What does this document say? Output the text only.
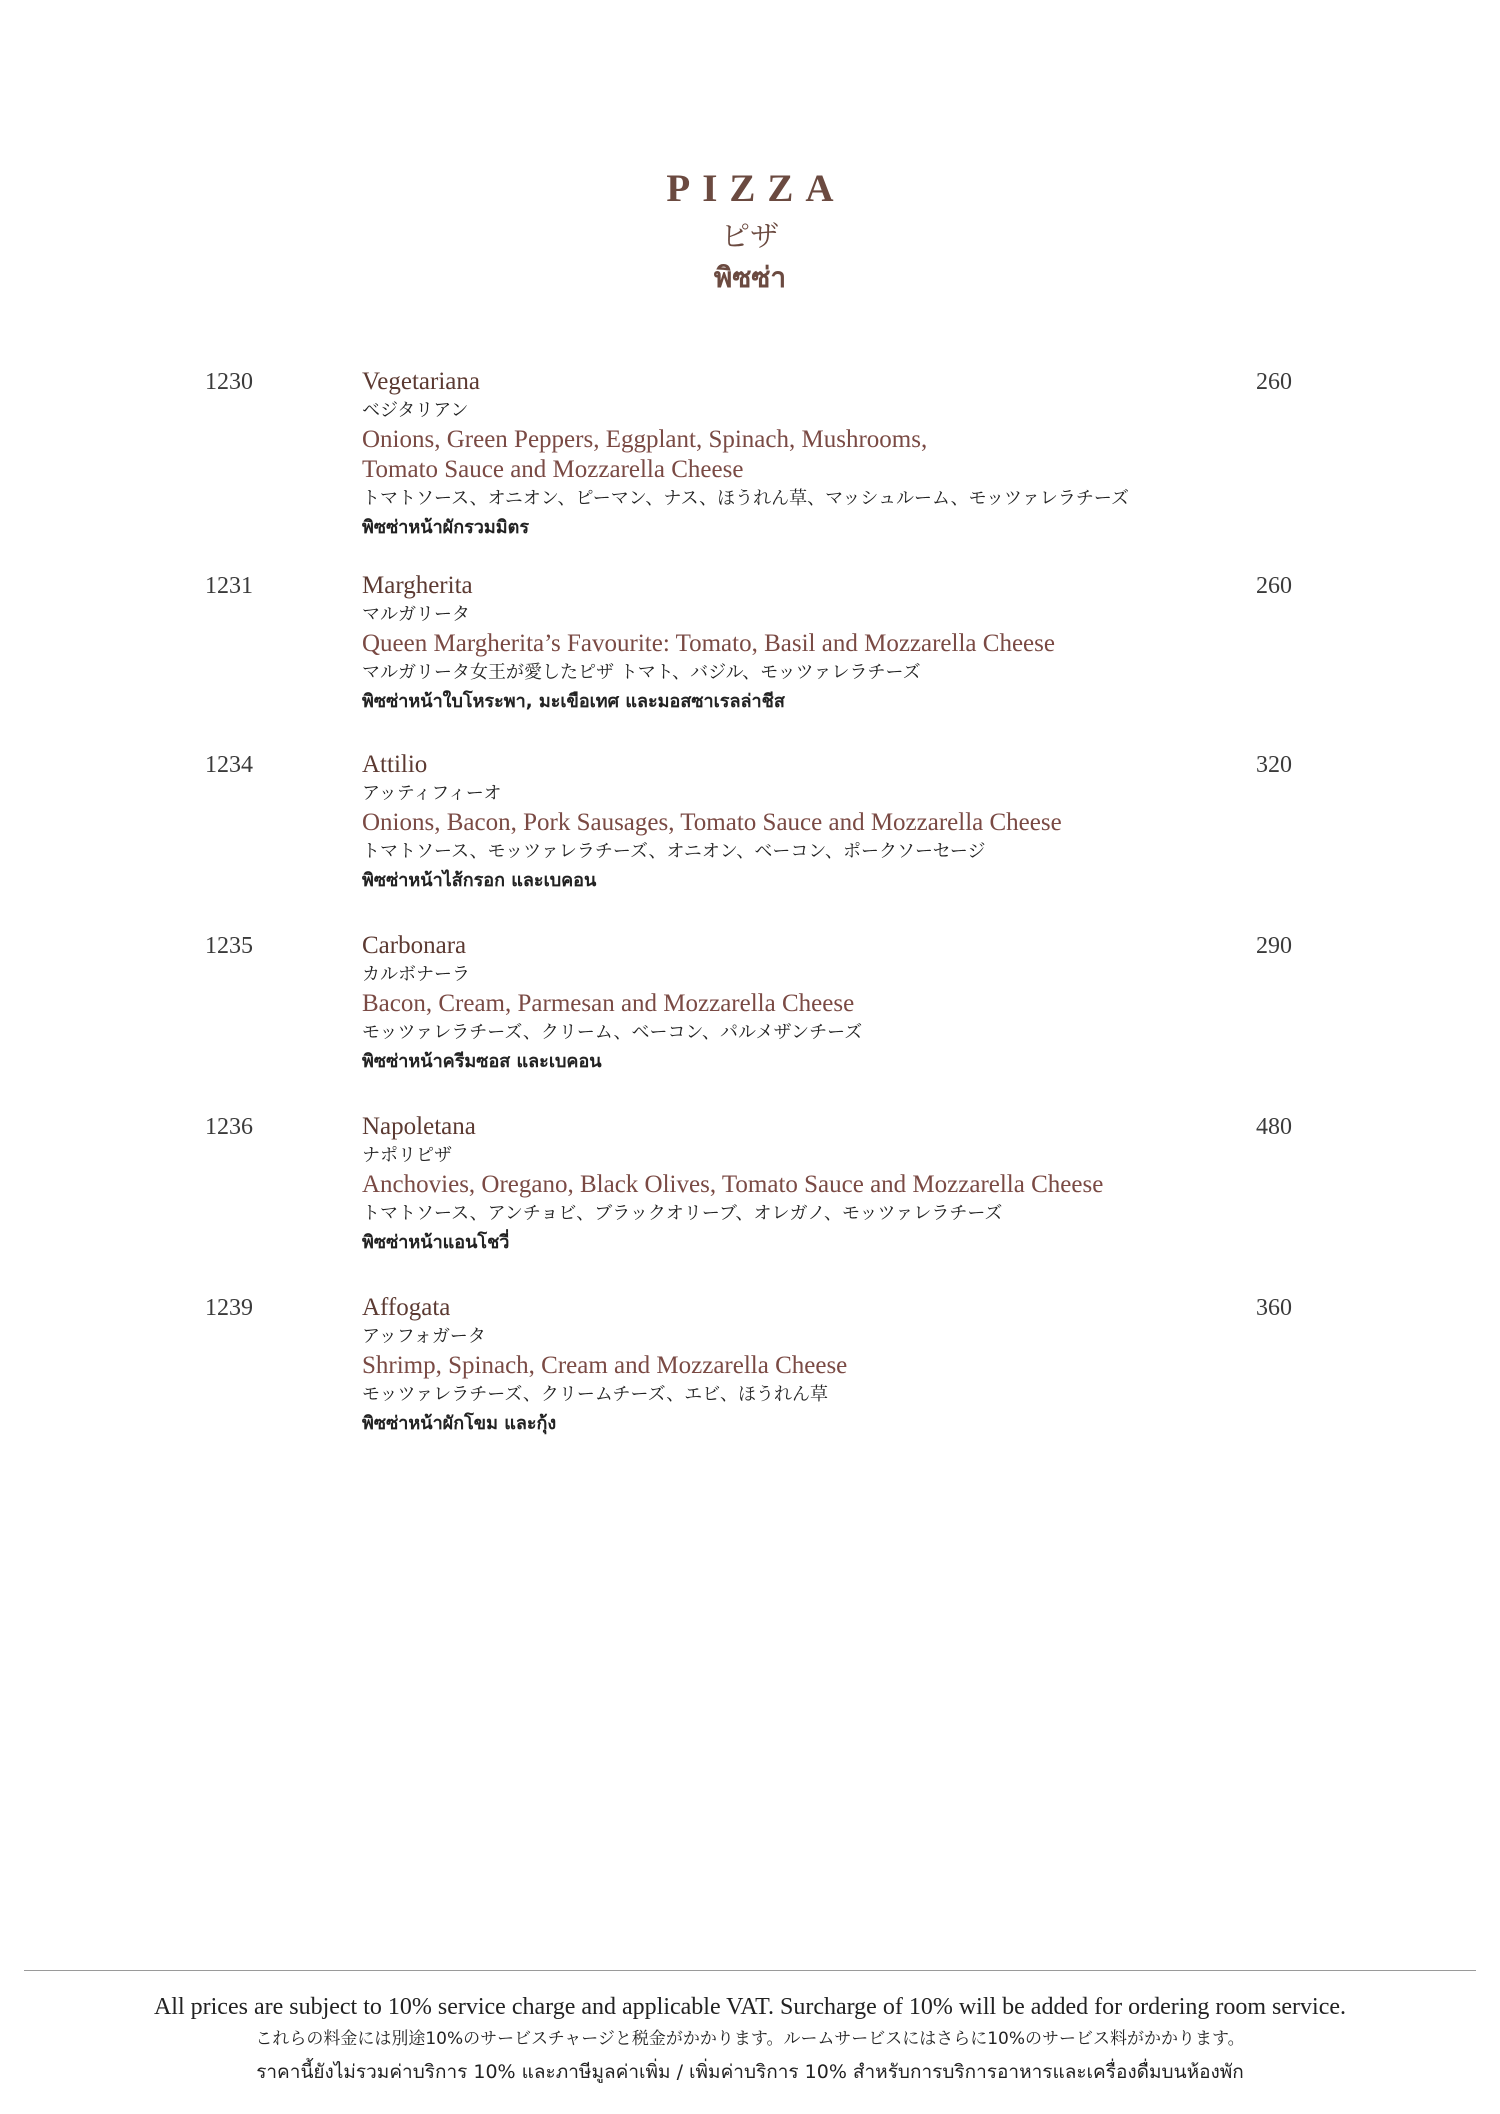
PIZZA
ピザ
พิซซ่า
1230	Vegetariana
ベジタリアン
Onions, Green Peppers, Eggplant, Spinach, Mushrooms,
Tomato Sauce and Mozzarella Cheese
トマトソース、オニオン、ピーマン、ナス、ほうれん草、マッシュルーム、モッツァレラチーズ
พิซซ่าหน้าผักรวมมิตร
260
1231	Margherita
マルガリータ
Queen Margherita’s Favourite: Tomato, Basil and Mozzarella Cheese
マルガリータ女王が愛したピザ トマト、バジル、モッツァレラチーズ
พิซซ่าหน้าใบโหระพา, มะเขือเทศ และมอสซาเรลล่าชีส
260
1234	Attilio
アッティフィーオ
Onions, Bacon, Pork Sausages, Tomato Sauce and Mozzarella Cheese
トマトソース、モッツァレラチーズ、オニオン、ベーコン、ポークソーセージ
พิซซ่าหน้าไส้กรอก และเบคอน
320
1235	Carbonara
カルボナーラ
Bacon, Cream, Parmesan and Mozzarella Cheese
モッツァレラチーズ、クリーム、ベーコン、パルメザンチーズ
พิซซ่าหน้าครีมซอส และเบคอน
290
1236	Napoletana
ナポリピザ
Anchovies, Oregano, Black Olives, Tomato Sauce and Mozzarella Cheese
トマトソース、アンチョビ、ブラックオリーブ、オレガノ、モッツァレラチーズ
พิซซ่าหน้าแอนโชวี่
480
1239	Affogata
アッフォガータ
Shrimp, Spinach, Cream and Mozzarella Cheese
モッツァレラチーズ、クリームチーズ、エビ、ほうれん草
พิซซ่าหน้าผักโขม และกุ้ง
360
All prices are subject to 10% service charge and applicable VAT. Surcharge of 10% will be added for ordering room service.
これらの料金には別途10%のサービスチャージと税金がかかります。ルームサービスにはさらに10%のサービス料がかかります。
ราคานี้ยังไม่รวมค่าบริการ 10% และภาษีมูลค่าเพิ่ม / เพิ่มค่าบริการ 10% สำหรับการบริการอาหารและเครื่องดื่มบนห้องพัก
